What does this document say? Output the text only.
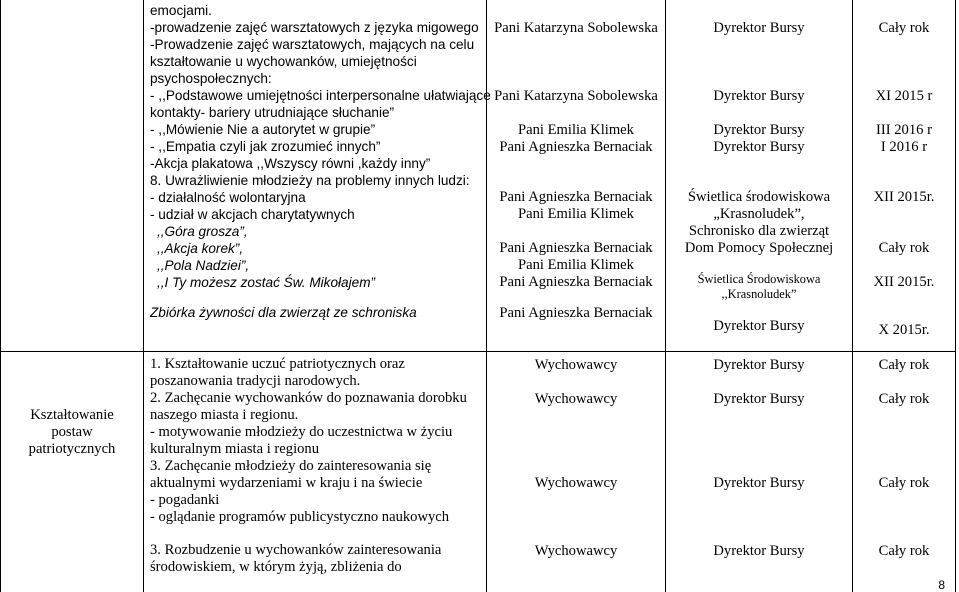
emocjami.
-prowadzenie zajęć warsztatowych z języka migowego
-Prowadzenie zajęć warsztatowych, mających na celu
kształtowanie u wychowanków, umiejętności
psychospołecznych:
- ,,Podstawowe umiejętności interpersonalne ułatwiające
kontakty- bariery utrudniające słuchanie”
- ,,Mówienie Nie a autorytet w grupie”
- ,,Empatia czyli jak zrozumieć innych”
-Akcja plakatowa ,,Wszyscy równi ,każdy inny”
8. Uwrażliwienie młodzieży na problemy innych ludzi:
- działalność wolontaryjna
- udział w akcjach charytatywnych
,,Góra grosza”,
,,Akcja korek”,
,,Pola Nadziei”,
,,I Ty możesz zostać Św. Mikołajem”
Zbiórka żywności dla zwierząt ze schroniska
Pani Katarzyna Sobolewska
Pani Katarzyna Sobolewska
Pani Emilia Klimek
Pani Agnieszka Bernaciak
Pani Agnieszka Bernaciak
Pani Emilia Klimek
Pani Agnieszka Bernaciak
Pani Emilia Klimek
Pani Agnieszka Bernaciak
Pani Agnieszka Bernaciak
Dyrektor Bursy
Dyrektor Bursy
Dyrektor Bursy
Dyrektor Bursy
Świetlica środowiskowa
„Krasnoludek”,
Schronisko dla zwierząt
Dom Pomocy Społecznej
Świetlica Środowiskowa
,,Krasnoludek”
Dyrektor Bursy
Cały rok
XI 2015 r
III 2016 r
I 2016 r
XII 2015r.
Cały rok
XII 2015r.
X 2015r.
Kształtowanie
postaw
patriotycznych
1. Kształtowanie uczuć patriotycznych oraz
poszanowania tradycji narodowych.
2. Zachęcanie wychowanków do poznawania dorobku
naszego miasta i regionu.
- motywowanie młodzieży do uczestnictwa w życiu
kulturalnym miasta i regionu
3. Zachęcanie młodzieży do zainteresowania się
aktualnymi wydarzeniami w kraju i na świecie
- pogadanki
- oglądanie programów publicystyczno naukowych
3. Rozbudzenie u wychowanków zainteresowania
środowiskiem, w którym żyją, zbliżenia do
Wychowawcy
Wychowawcy
Wychowawcy
Wychowawcy
Dyrektor Bursy
Dyrektor Bursy
Dyrektor Bursy
Dyrektor Bursy
Cały rok
Cały rok
Cały rok
Cały rok
8
